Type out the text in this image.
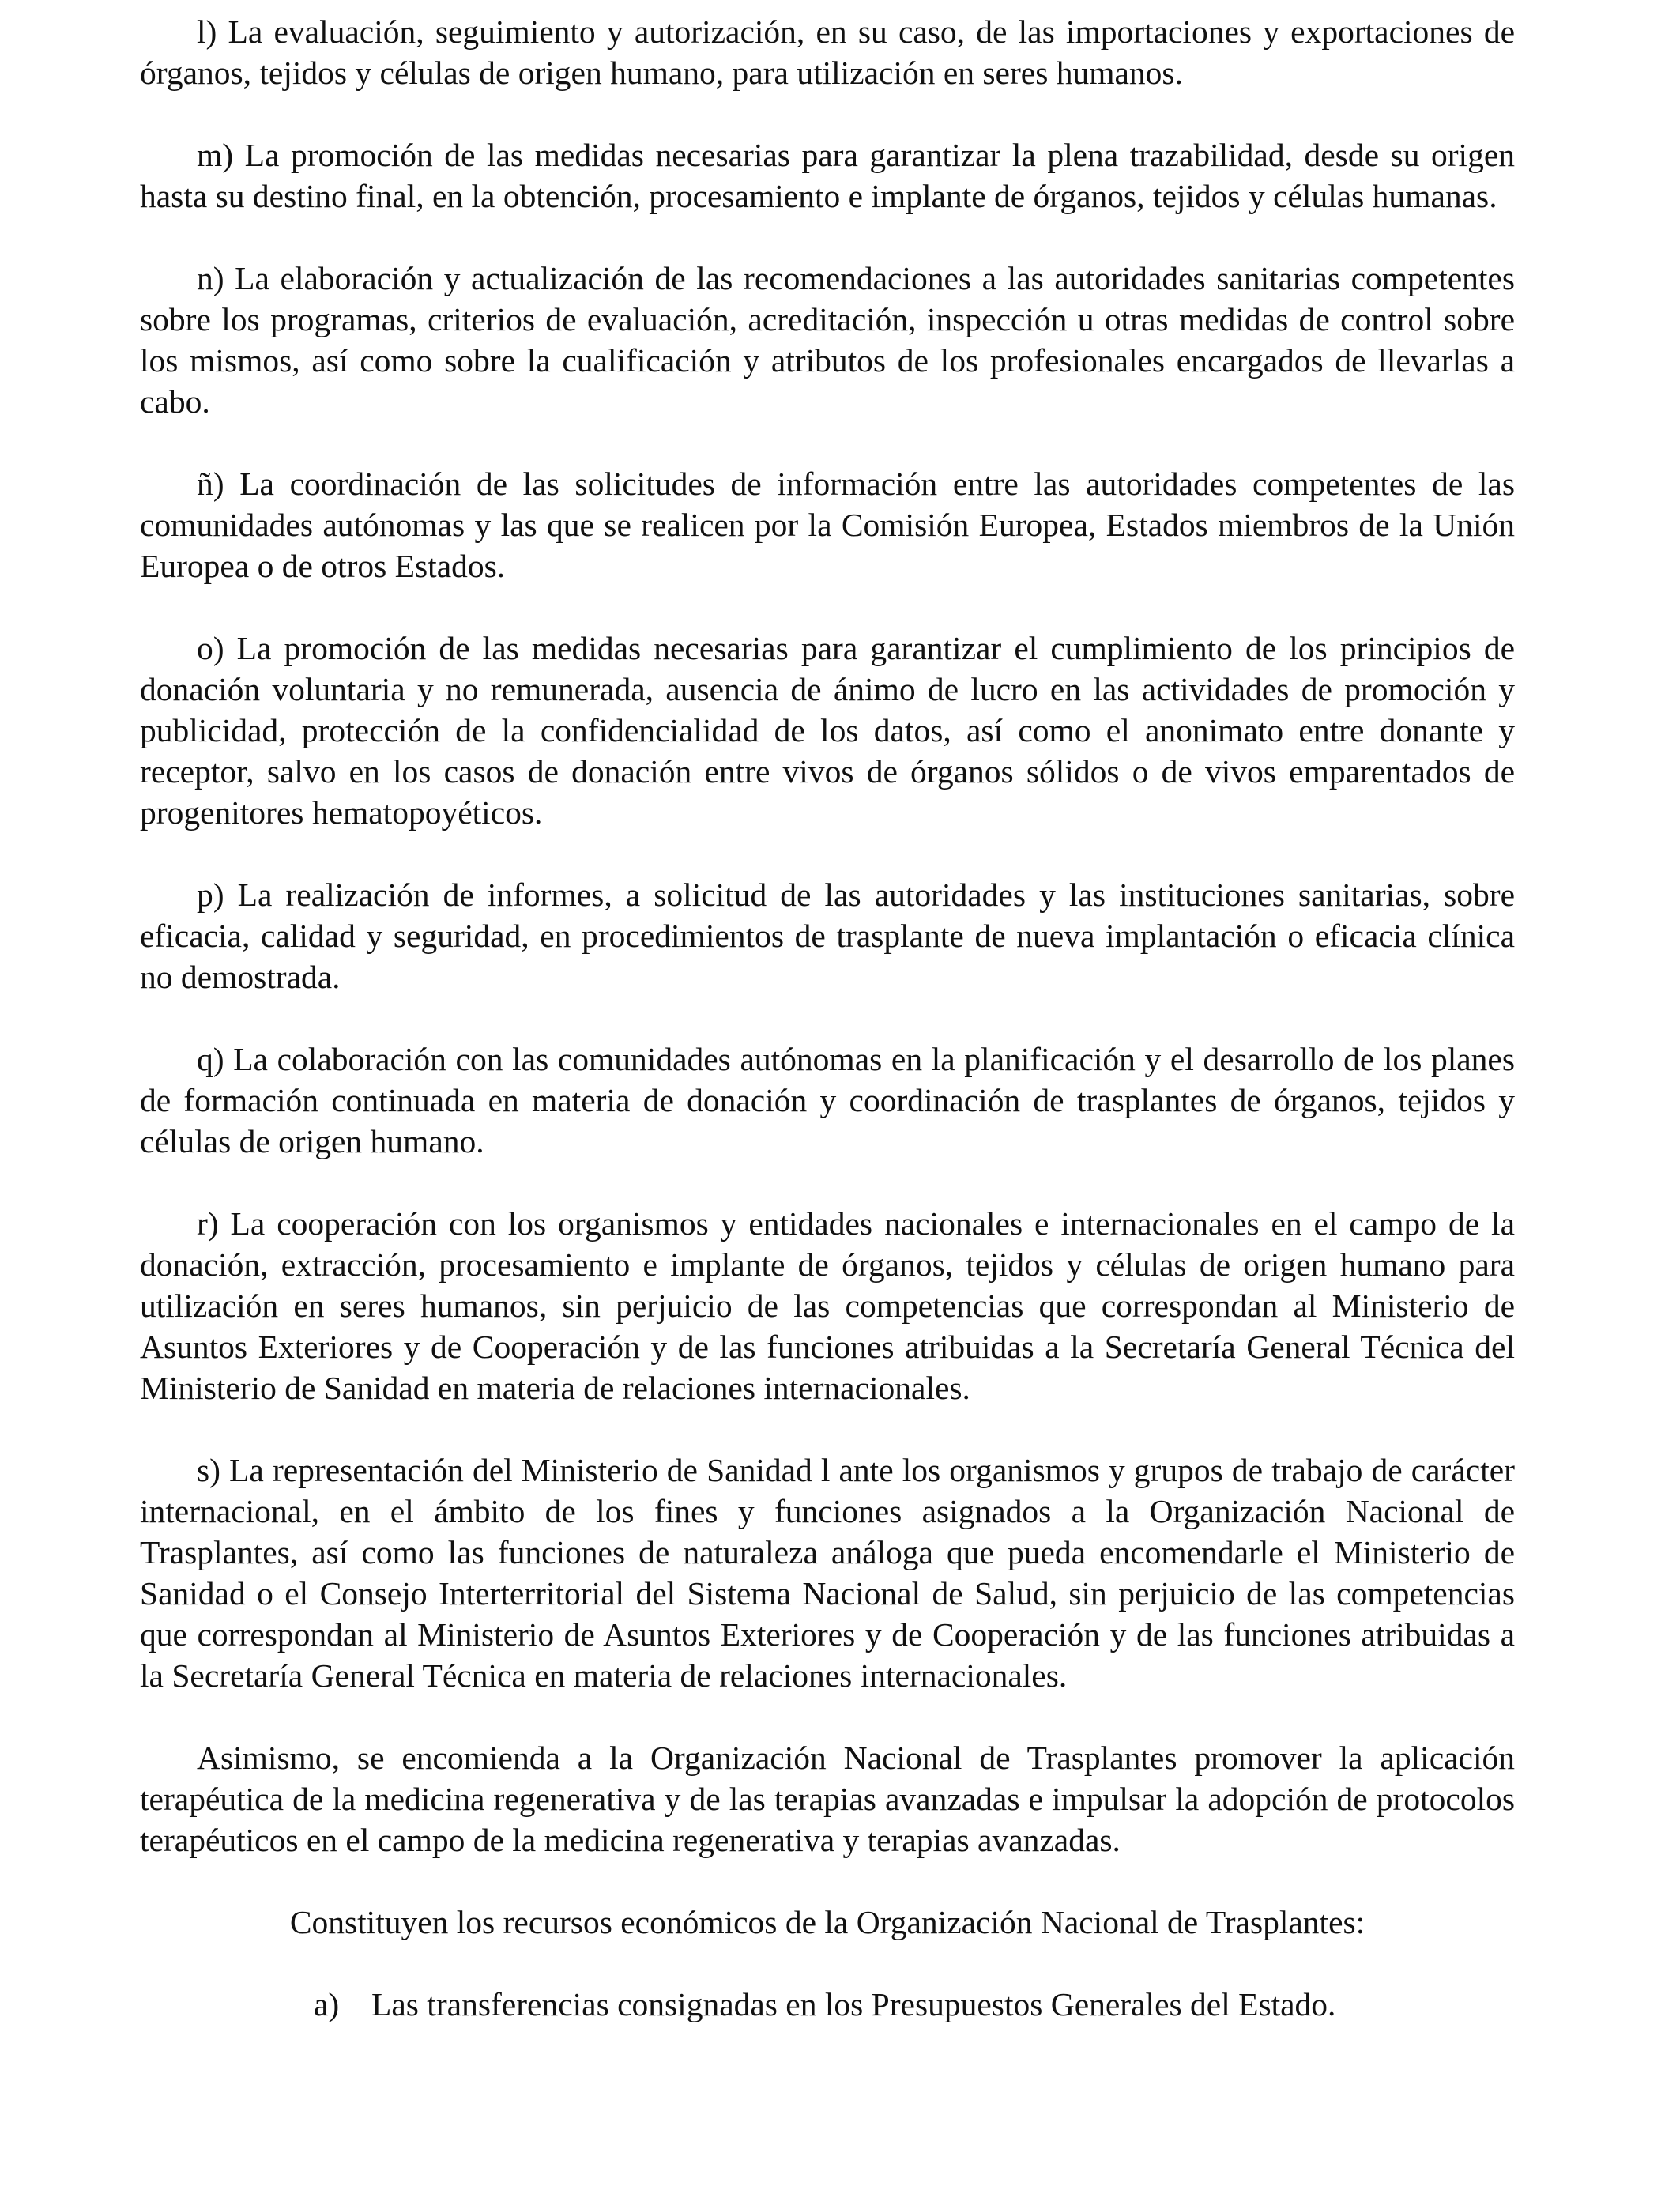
l) La evaluación, seguimiento y autorización, en su caso, de las importaciones y exportaciones de órganos, tejidos y células de origen humano, para utilización en seres humanos.

m) La promoción de las medidas necesarias para garantizar la plena trazabilidad, desde su origen hasta su destino final, en la obtención, procesamiento e implante de órganos, tejidos y células humanas.

n) La elaboración y actualización de las recomendaciones a las autoridades sanitarias competentes sobre los programas, criterios de evaluación, acreditación, inspección u otras medidas de control sobre los mismos, así como sobre la cualificación y atributos de los profesionales encargados de llevarlas a cabo.

ñ) La coordinación de las solicitudes de información entre las autoridades competentes de las comunidades autónomas y las que se realicen por la Comisión Europea, Estados miembros de la Unión Europea o de otros Estados.

o) La promoción de las medidas necesarias para garantizar el cumplimiento de los principios de donación voluntaria y no remunerada, ausencia de ánimo de lucro en las actividades de promoción y publicidad, protección de la confidencialidad de los datos, así como el anonimato entre donante y receptor, salvo en los casos de donación entre vivos de órganos sólidos o de vivos emparentados de progenitores hematopoyéticos.

p) La realización de informes, a solicitud de las autoridades y las instituciones sanitarias, sobre eficacia, calidad y seguridad, en procedimientos de trasplante de nueva implantación o eficacia clínica no demostrada.

q) La colaboración con las comunidades autónomas en la planificación y el desarrollo de los planes de formación continuada en materia de donación y coordinación de trasplantes de órganos, tejidos y células de origen humano.

r) La cooperación con los organismos y entidades nacionales e internacionales en el campo de la donación, extracción, procesamiento e implante de órganos, tejidos y células de origen humano para utilización en seres humanos, sin perjuicio de las competencias que correspondan al Ministerio de Asuntos Exteriores y de Cooperación y de las funciones atribuidas a la Secretaría General Técnica del Ministerio de Sanidad en materia de relaciones internacionales.

s) La representación del Ministerio de Sanidad l ante los organismos y grupos de trabajo de carácter internacional, en el ámbito de los fines y funciones asignados a la Organización Nacional de Trasplantes, así como las funciones de naturaleza análoga que pueda encomendarle el Ministerio de Sanidad o el Consejo Interterritorial del Sistema Nacional de Salud, sin perjuicio de las competencias que correspondan al Ministerio de Asuntos Exteriores y de Cooperación y de las funciones atribuidas a la Secretaría General Técnica en materia de relaciones internacionales.

Asimismo, se encomienda a la Organización Nacional de Trasplantes promover la aplicación terapéutica de la medicina regenerativa y de las terapias avanzadas e impulsar la adopción de protocolos terapéuticos en el campo de la medicina regenerativa y terapias avanzadas.

Constituyen los recursos económicos de la Organización Nacional de Trasplantes:

a) Las transferencias consignadas en los Presupuestos Generales del Estado.
